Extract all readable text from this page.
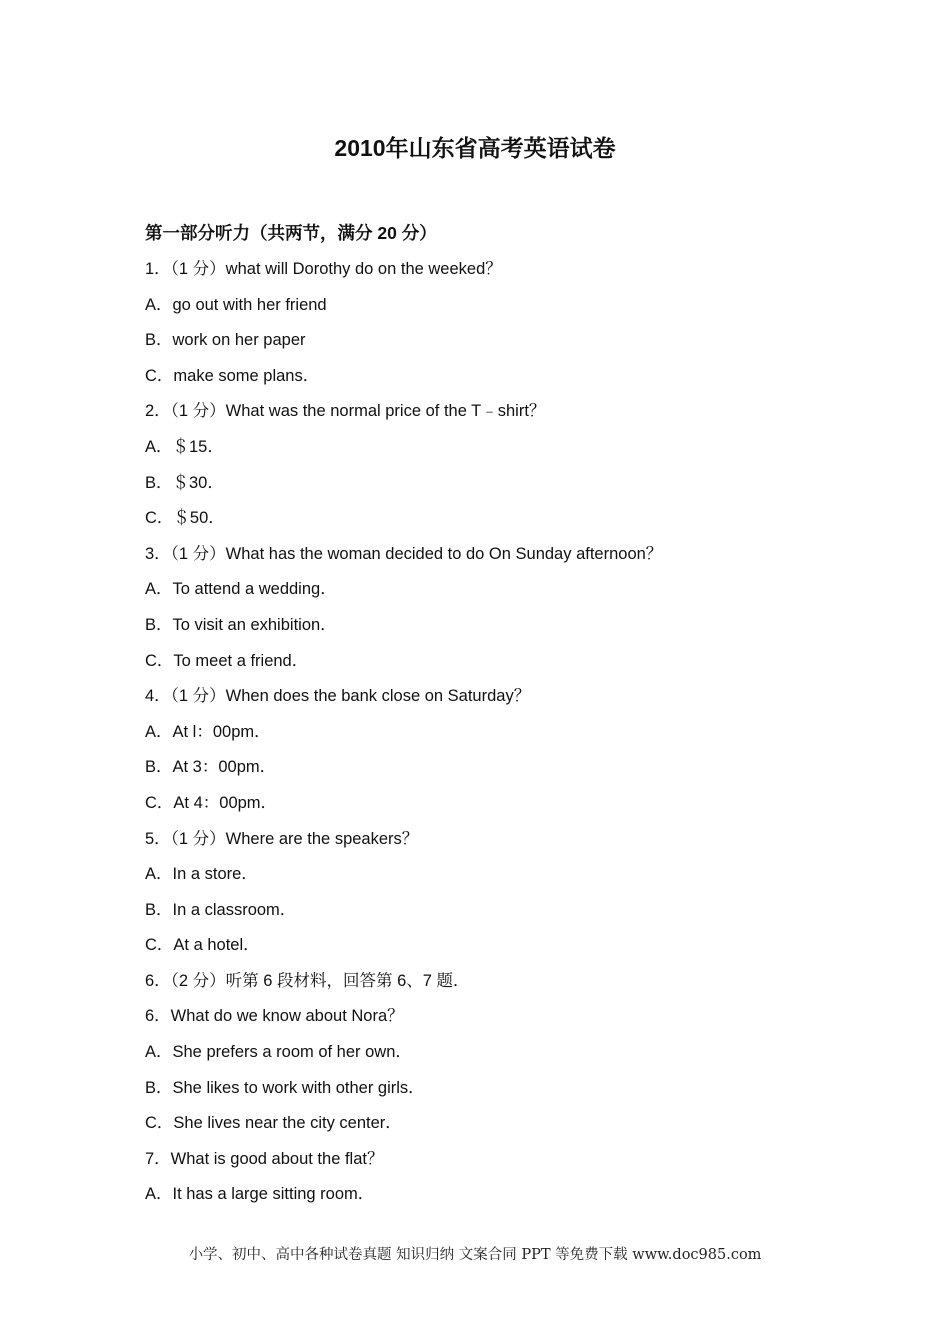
2010年山东省高考英语试卷
第一部分听力（共两节，满分 20 分）
1．（1 分）what will Dorothy do on the weeked？
A．go out with her friend
B．work on her paper
C．make some plans．
2．（1 分）What was the normal price of the T﹣shirt？
A．＄15．
B．＄30．
C．＄50．
3．（1 分）What has the woman decided to do On Sunday afternoon？
A．To attend a wedding．
B．To visit an exhibition．
C．To meet a friend．
4．（1 分）When does the bank close on Saturday？
A．At l：00pm．
B．At 3：00pm．
C．At 4：00pm．
5．（1 分）Where are the speakers？
A．In a store．
B．In a classroom．
C．At a hotel．
6．（2 分）听第 6 段材料，回答第 6、7 题．
6．What do we know about Nora？
A．She prefers a room of her own．
B．She likes to work with other girls．
C．She lives near the city center．
7．What is good about the flat？
A．It has a large sitting room．
小学、初中、高中各种试卷真题 知识归纳 文案合同 PPT 等免费下载 www.doc985.com
